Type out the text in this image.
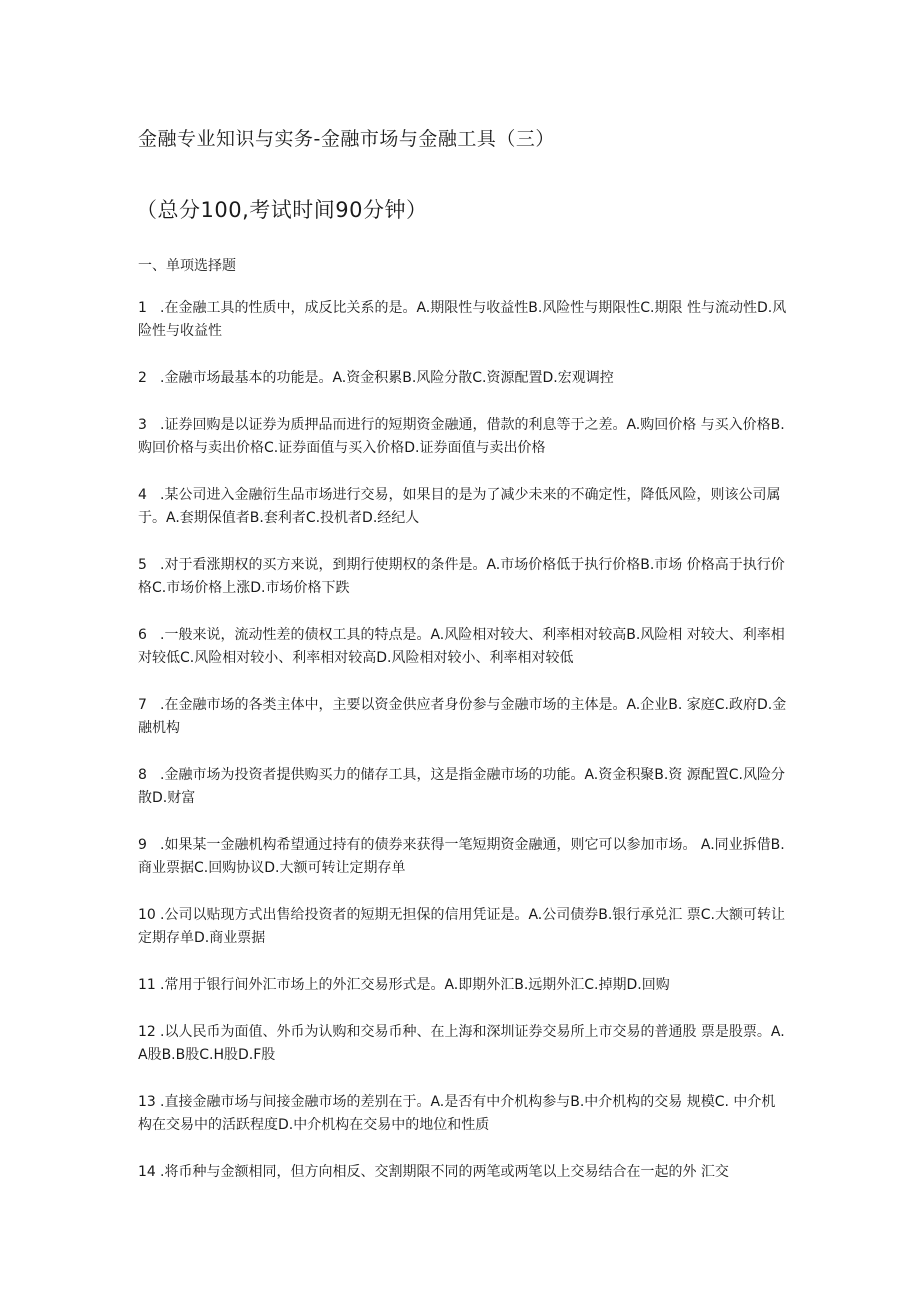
金融专业知识与实务-金融市场与金融工具（三）
（总分100,考试时间90分钟）
一、单项选择题

1 .在金融工具的性质中，成反比关系的是。A.期限性与收益性B.风险性与期限性C.期限 性与流动性D.风险性与收益性

2 .金融市场最基本的功能是。A.资金积累B.风险分散C.资源配置D.宏观调控

3 .证券回购是以证券为质押品而进行的短期资金融通，借款的利息等于之差。A.购回价格 与买入价格B.购回价格与卖出价格C.证券面值与买入价格D.证券面值与卖出价格

4 .某公司进入金融衍生品市场进行交易，如果目的是为了减少未来的不确定性，降低风险，则该公司属于。A.套期保值者B.套利者C.投机者D.经纪人

5 .对于看涨期权的买方来说，到期行使期权的条件是。A.市场价格低于执行价格B.市场 价格高于执行价格C.市场价格上涨D.市场价格下跌

6 .一般来说，流动性差的债权工具的特点是。A.风险相对较大、利率相对较高B.风险相 对较大、利率相对较低C.风险相对较小、利率相对较高D.风险相对较小、利率相对较低

7 .在金融市场的各类主体中，主要以资金供应者身份参与金融市场的主体是。A.企业B. 家庭C.政府D.金融机构

8 .金融市场为投资者提供购买力的储存工具，这是指金融市场的功能。A.资金积聚B.资 源配置C.风险分散D.财富

9 .如果某一金融机构希望通过持有的债券来获得一笔短期资金融通，则它可以参加市场。 A.同业拆借B.商业票据C.回购协议D.大额可转让定期存单

10 .公司以贴现方式出售给投资者的短期无担保的信用凭证是。A.公司债券B.银行承兑汇 票C.大额可转让定期存单D.商业票据

11 .常用于银行间外汇市场上的外汇交易形式是。A.即期外汇B.远期外汇C.掉期D.回购

12 .以人民币为面值、外币为认购和交易币种、在上海和深圳证券交易所上市交易的普通股 票是股票。A.A股B.B股C.H股D.F股

13 .直接金融市场与间接金融市场的差别在于。A.是否有中介机构参与B.中介机构的交易 规模C. 中介机构在交易中的活跃程度D.中介机构在交易中的地位和性质

14 .将币种与金额相同，但方向相反、交割期限不同的两笔或两笔以上交易结合在一起的外 汇交
